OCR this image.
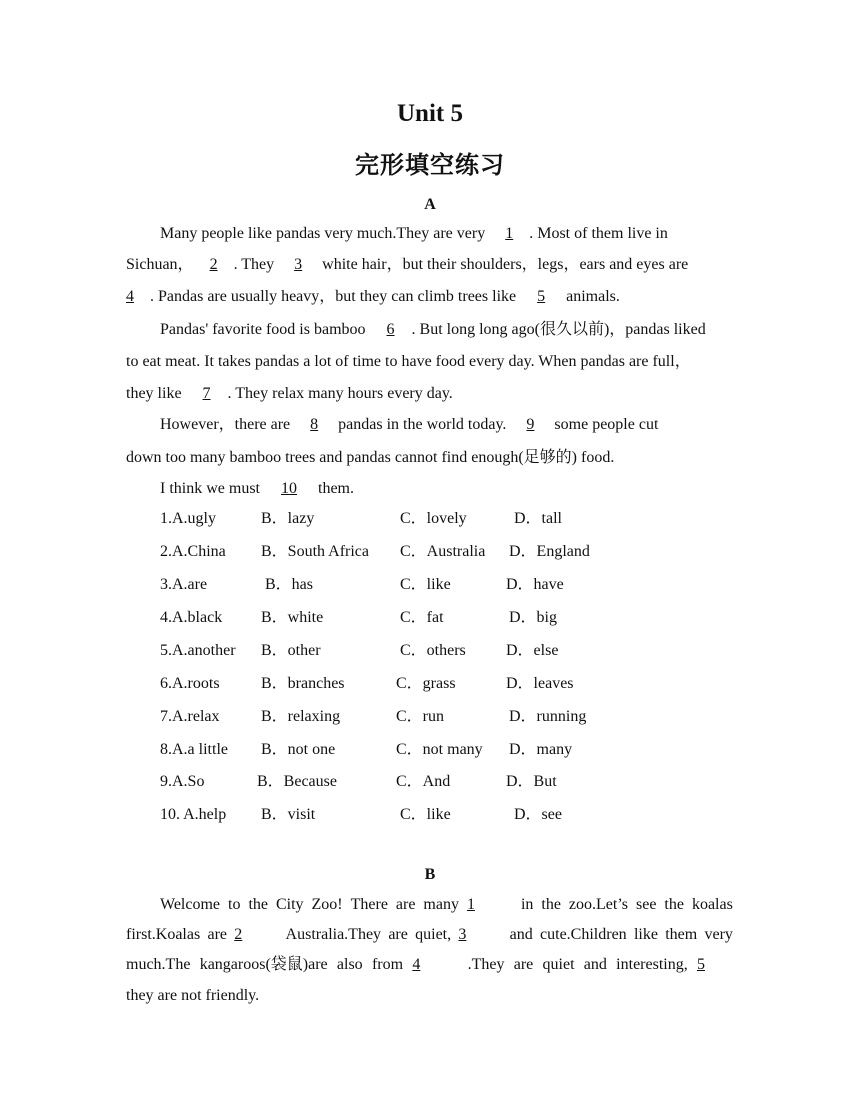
Unit 5
完形填空练习
A
Many people like pandas very much.They are very 1. Most of them live in
Sichuan，2. They 3 white hair，but their shoulders，legs，ears and eyes are
4 . Pandas are usually heavy，but they can climb trees like 5 animals.
Pandas' favorite food is bamboo 6. But long long ago(很久以前)，pandas liked
to eat meat. It takes pandas a lot of time to have food every day. When pandas are full，
they like 7. They relax many hours every day.
However，there are 8 pandas in the world today. 9 some people cut
down too many bamboo trees and pandas cannot find enough(足够的) food.
I think we must 10 them.
1.A.ugly	B．lazy	C．lovely	D．tall
2.A.China B．South Africa C．Australia D．England
3.A.are	B．has	C．like	D．have
4.A.black B．white	C．fat	D．big
5.A.another B．other	C．others	D．else
6.A.roots	B．branches	C．grass	D．leaves
7.A.relax	B．relaxing	C．run	D．running
8.A.a little B．not one	C．not many D．many
9.A.So	B．Because	C．And	D．But
10. A.help B．visit	C．like	D．see
B
Welcome to the City Zoo! There are many 1	in the zoo.Let’s see the koalas
first.Koalas are 2	Australia.They are quiet, 3	and cute.Children like them very
much.The kangaroos(袋鼠)are also from 4	.They are quiet and interesting, 5
they are not friendly.
